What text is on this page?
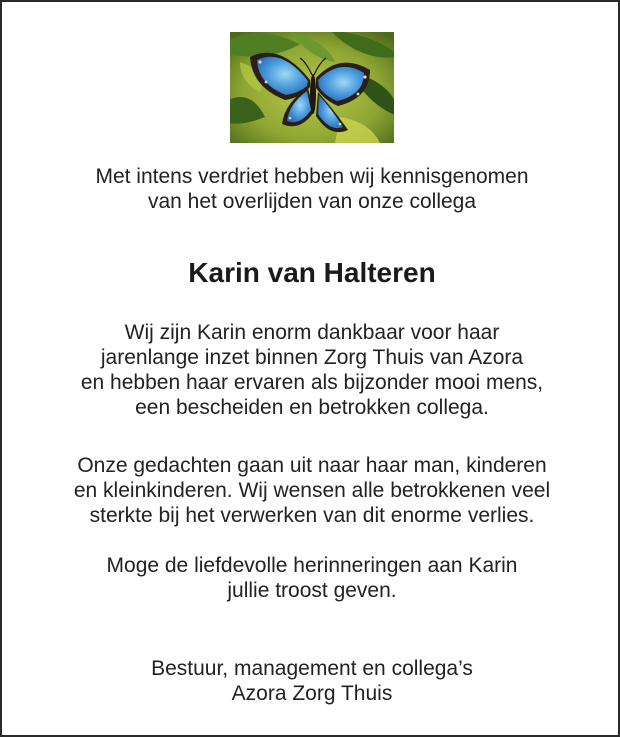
Met intens verdriet hebben wij kennisgenomen
van het overlijden van onze collega
Karin van Halteren
Wij zijn Karin enorm dankbaar voor haar
jarenlange inzet binnen Zorg Thuis van Azora
en hebben haar ervaren als bijzonder mooi mens,
een bescheiden en betrokken collega.
Onze gedachten gaan uit naar haar man, kinderen
en kleinkinderen. Wij wensen alle betrokkenen veel
sterkte bij het verwerken van dit enorme verlies.
Moge de liefdevolle herinneringen aan Karin
jullie troost geven.
Bestuur, management en collega’s
Azora Zorg Thuis
